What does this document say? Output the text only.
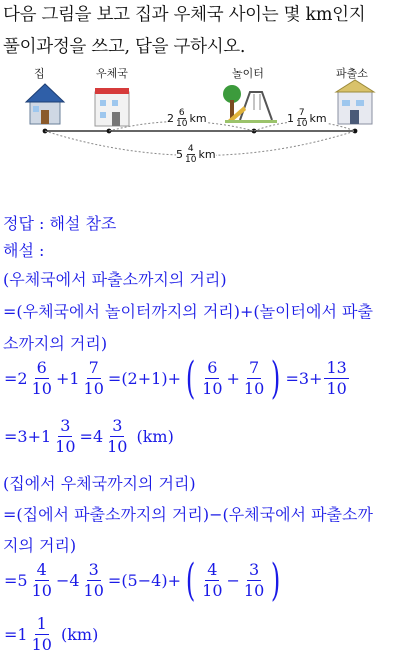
다음 그림을 보고 집과 우체국 사이는 몇 km인지
풀이과정을 쓰고, 답을 구하시오.
집	우체국	놀이터	파출소
2 6
10 km	1 7
10 km
5 4
10 km
정답 : 해설 참조
해설 :
(우체국에서 파출소까지의 거리)
=(우체국에서 놀이터까지의 거리)+(놀이터에서 파출
소까지의 거리)
$=2 \frac{6}{10} +1 \frac{7}{10} =(2+1)+$ ( $\frac{6}{10} + \frac{7}{10}$ ) $=3+ \frac{13}{10}$
$=3+1 \frac{3}{10} =4 \frac{3}{10} (km)$
(집에서 우체국까지의 거리)
=(집에서 파출소까지의 거리)−(우체국에서 파출소까
지의 거리)
$=5 \frac{4}{10} -4 \frac{3}{10} =(5-4)+$ ( $\frac{4}{10} - \frac{3}{10}$ )
$=1 \frac{1}{10} (km)$
